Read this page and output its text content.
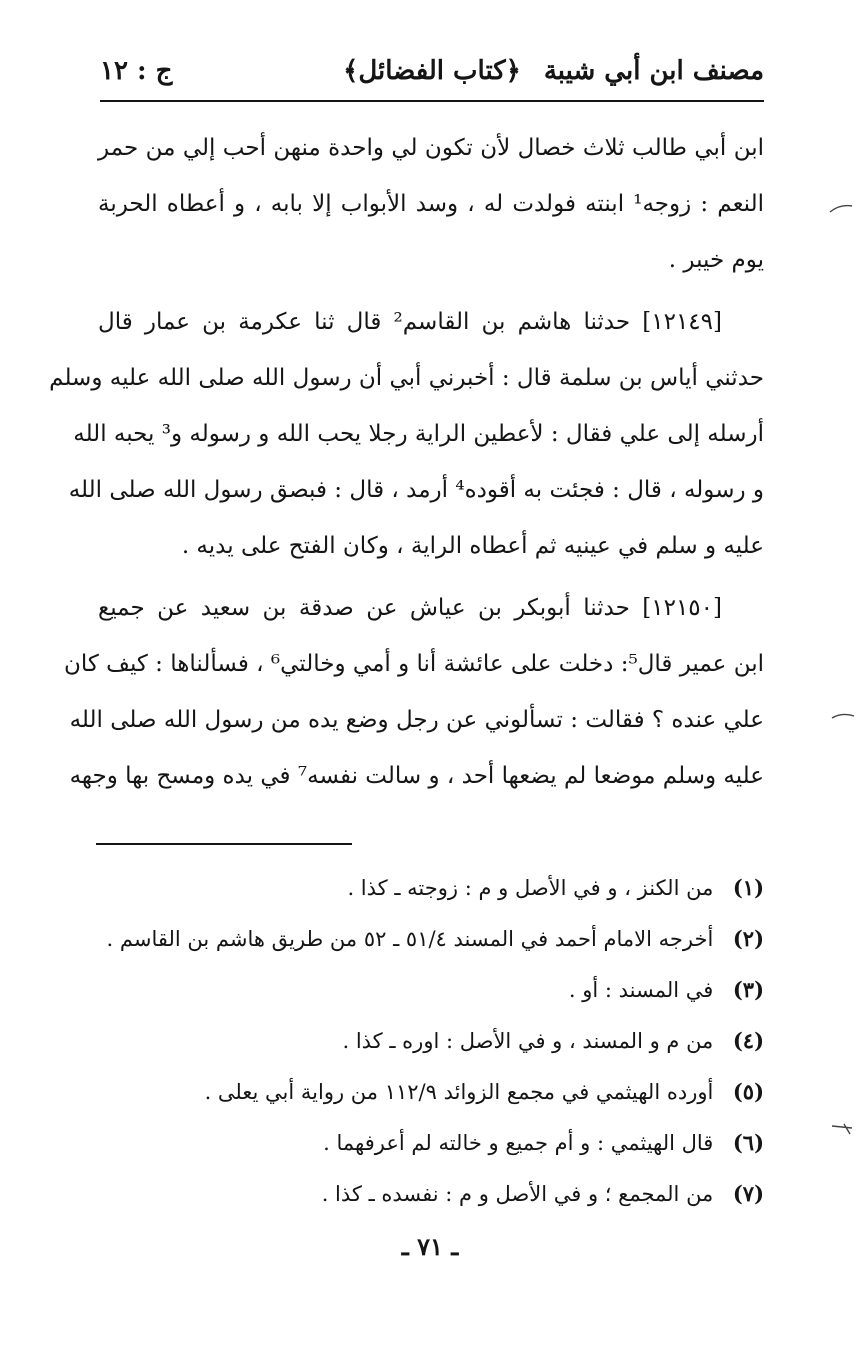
مصنف ابن أبي شيبة
﴿كتاب الفضائل﴾
ج : ١٢
ابن أبي طالب ثلاث خصال لأن تكون لي واحدة منهن أحب إلي من حمر
النعم : زوجه¹ ابنته فولدت له ، وسد الأبواب إلا بابه ، و أعطاه الحربة
يوم خيبر .
[١٢١٤٩] حدثنا هاشم بن القاسم² قال ثنا عكرمة بن عمار قال
حدثني أياس بن سلمة قال : أخبرني أبي أن رسول الله صلى الله عليه وسلم
أرسله إلى علي فقال : لأعطين الراية رجلا يحب الله و رسوله و³ يحبه الله
و رسوله ، قال : فجئت به أقوده⁴ أرمد ، قال : فبصق رسول الله صلى الله
عليه و سلم في عينيه ثم أعطاه الراية ، وكان الفتح على يديه .
[١٢١٥٠] حدثنا أبوبكر بن عياش عن صدقة بن سعيد عن جميع
ابن عمير قال⁵: دخلت على عائشة أنا و أمي وخالتي⁶ ، فسألناها : كيف كان
علي عنده ؟ فقالت : تسألوني عن رجل وضع يده من رسول الله صلى الله
عليه وسلم موضعا لم يضعها أحد ، و سالت نفسه⁷ في يده ومسح بها وجهه
(١) من الكنز ، و في الأصل و م : زوجته ـ كذا .
(٢) أخرجه الامام أحمد في المسند ٥١/٤ ـ ٥٢ من طريق هاشم بن القاسم .
(٣) في المسند : أو .
(٤) من م و المسند ، و في الأصل : اوره ـ كذا .
(٥) أورده الهيثمي في مجمع الزوائد ١١٢/٩ من رواية أبي يعلى .
(٦) قال الهيثمي : و أم جميع و خالته لم أعرفهما .
(٧) من المجمع ؛ و في الأصل و م : نفسده ـ كذا .
ـ ٧١ ـ
